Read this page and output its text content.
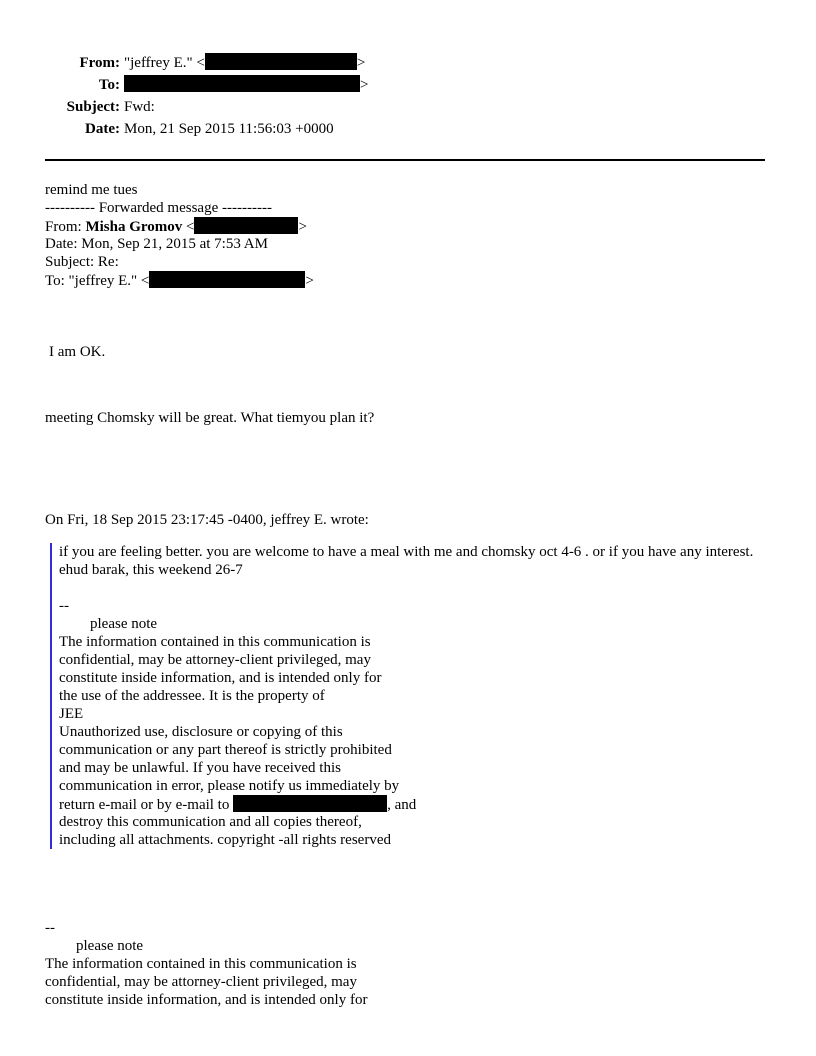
From: "jeffrey E." <	>
To:	>
Subject: Fwd:
Date: Mon, 21 Sep 2015 11:56:03 +0000
remind me tues
---------- Forwarded message ----------
From: Misha Gromov <	>
Date: Mon, Sep 21, 2015 at 7:53 AM
Subject: Re:
To: "jeffrey E." <	>
I am OK.
meeting Chomsky will be great. What tiemyou plan it?
On Fri, 18 Sep 2015 23:17:45 -0400, jeffrey E. wrote:
if you are feeling better. you are welcome to have a meal with me and chomsky oct 4-6 . or if you have any interest. ehud barak, this weekend 26-7
--
please note
The information contained in this communication is
confidential, may be attorney-client privileged, may
constitute inside information, and is intended only for
the use of the addressee. It is the property of
JEE
Unauthorized use, disclosure or copying of this
communication or any part thereof is strictly prohibited
and may be unlawful. If you have received this
communication in error, please notify us immediately by
return e-mail or by e-mail to	, and
destroy this communication and all copies thereof,
including all attachments. copyright -all rights reserved
--
please note
The information contained in this communication is
confidential, may be attorney-client privileged, may
constitute inside information, and is intended only for
